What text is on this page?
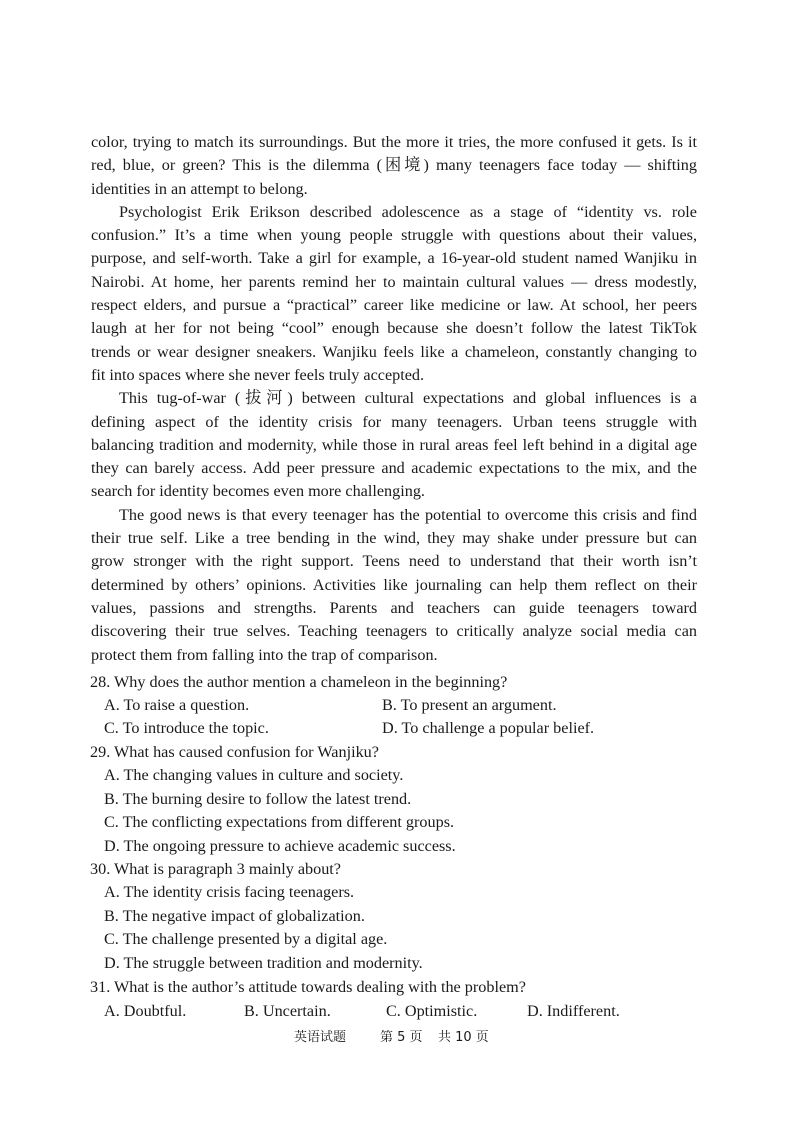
color, trying to match its surroundings. But the more it tries, the more confused it gets. Is it
red, blue, or green? This is the dilemma (困境) many teenagers face today — shifting
identities in an attempt to belong.
Psychologist Erik Erikson described adolescence as a stage of “identity vs. role
confusion.” It’s a time when young people struggle with questions about their values,
purpose, and self-worth. Take a girl for example, a 16-year-old student named Wanjiku in
Nairobi. At home, her parents remind her to maintain cultural values — dress modestly,
respect elders, and pursue a “practical” career like medicine or law. At school, her peers
laugh at her for not being “cool” enough because she doesn’t follow the latest TikTok
trends or wear designer sneakers. Wanjiku feels like a chameleon, constantly changing to
fit into spaces where she never feels truly accepted.
This tug-of-war (拔河) between cultural expectations and global influences is a
defining aspect of the identity crisis for many teenagers. Urban teens struggle with
balancing tradition and modernity, while those in rural areas feel left behind in a digital age
they can barely access. Add peer pressure and academic expectations to the mix, and the
search for identity becomes even more challenging.
The good news is that every teenager has the potential to overcome this crisis and find
their true self. Like a tree bending in the wind, they may shake under pressure but can
grow stronger with the right support. Teens need to understand that their worth isn’t
determined by others’ opinions. Activities like journaling can help them reflect on their
values, passions and strengths. Parents and teachers can guide teenagers toward
discovering their true selves. Teaching teenagers to critically analyze social media can
protect them from falling into the trap of comparison.
28. Why does the author mention a chameleon in the beginning?
A. To raise a question.	B. To present an argument.
C. To introduce the topic.	D. To challenge a popular belief.
29. What has caused confusion for Wanjiku?
A. The changing values in culture and society.
B. The burning desire to follow the latest trend.
C. The conflicting expectations from different groups.
D. The ongoing pressure to achieve academic success.
30. What is paragraph 3 mainly about?
A. The identity crisis facing teenagers.
B. The negative impact of globalization.
C. The challenge presented by a digital age.
D. The struggle between tradition and modernity.
31. What is the author’s attitude towards dealing with the problem?
A. Doubtful.	B. Uncertain.	C. Optimistic.	D. Indifferent.
英语试题	第 5 页 共 10 页
